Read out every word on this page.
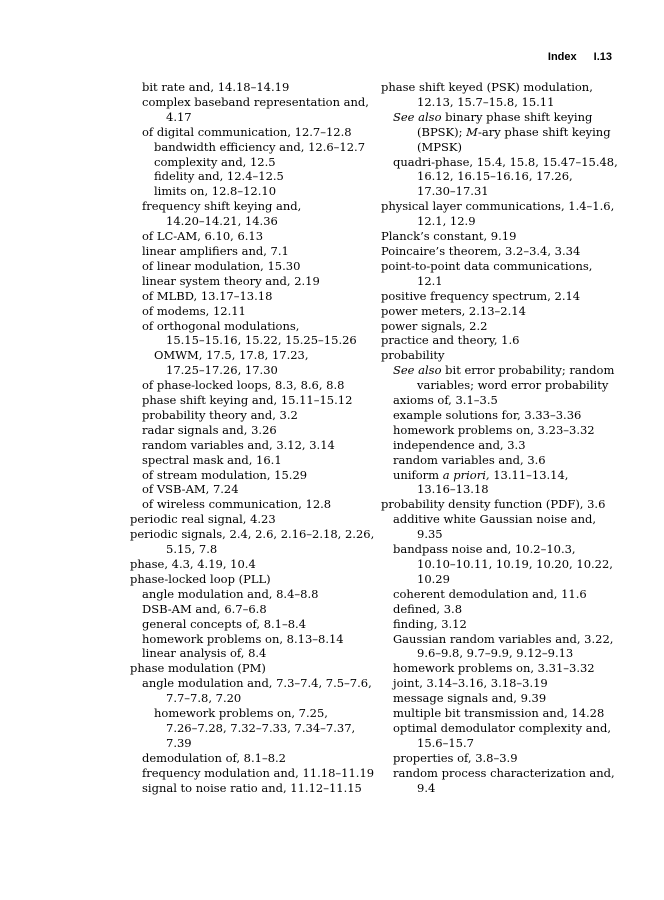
Index I.13
bit rate and, 14.18–14.19
complex baseband representation and,
4.17
of digital communication, 12.7–12.8
bandwidth efficiency and, 12.6–12.7
complexity and, 12.5
fidelity and, 12.4–12.5
limits on, 12.8–12.10
frequency shift keying and,
14.20–14.21, 14.36
of LC-AM, 6.10, 6.13
linear amplifiers and, 7.1
of linear modulation, 15.30
linear system theory and, 2.19
of MLBD, 13.17–13.18
of modems, 12.11
of orthogonal modulations,
15.15–15.16, 15.22, 15.25–15.26
OMWM, 17.5, 17.8, 17.23,
17.25–17.26, 17.30
of phase-locked loops, 8.3, 8.6, 8.8
phase shift keying and, 15.11–15.12
probability theory and, 3.2
radar signals and, 3.26
random variables and, 3.12, 3.14
spectral mask and, 16.1
of stream modulation, 15.29
of VSB-AM, 7.24
of wireless communication, 12.8
periodic real signal, 4.23
periodic signals, 2.4, 2.6, 2.16–2.18, 2.26,
5.15, 7.8
phase, 4.3, 4.19, 10.4
phase-locked loop (PLL)
angle modulation and, 8.4–8.8
DSB-AM and, 6.7–6.8
general concepts of, 8.1–8.4
homework problems on, 8.13–8.14
linear analysis of, 8.4
phase modulation (PM)
angle modulation and, 7.3–7.4, 7.5–7.6,
7.7–7.8, 7.20
homework problems on, 7.25,
7.26–7.28, 7.32–7.33, 7.34–7.37,
7.39
demodulation of, 8.1–8.2
frequency modulation and, 11.18–11.19
signal to noise ratio and, 11.12–11.15
phase shift keyed (PSK) modulation,
12.13, 15.7–15.8, 15.11
See also binary phase shift keying
(BPSK); M-ary phase shift keying
(MPSK)
quadri-phase, 15.4, 15.8, 15.47–15.48,
16.12, 16.15–16.16, 17.26,
17.30–17.31
physical layer communications, 1.4–1.6,
12.1, 12.9
Planck’s constant, 9.19
Poincaire’s theorem, 3.2–3.4, 3.34
point-to-point data communications,
12.1
positive frequency spectrum, 2.14
power meters, 2.13–2.14
power signals, 2.2
practice and theory, 1.6
probability
See also bit error probability; random
variables; word error probability
axioms of, 3.1–3.5
example solutions for, 3.33–3.36
homework problems on, 3.23–3.32
independence and, 3.3
random variables and, 3.6
uniform a priori, 13.11–13.14,
13.16–13.18
probability density function (PDF), 3.6
additive white Gaussian noise and,
9.35
bandpass noise and, 10.2–10.3,
10.10–10.11, 10.19, 10.20, 10.22,
10.29
coherent demodulation and, 11.6
defined, 3.8
finding, 3.12
Gaussian random variables and, 3.22,
9.6–9.8, 9.7–9.9, 9.12–9.13
homework problems on, 3.31–3.32
joint, 3.14–3.16, 3.18–3.19
message signals and, 9.39
multiple bit transmission and, 14.28
optimal demodulator complexity and,
15.6–15.7
properties of, 3.8–3.9
random process characterization and,
9.4
